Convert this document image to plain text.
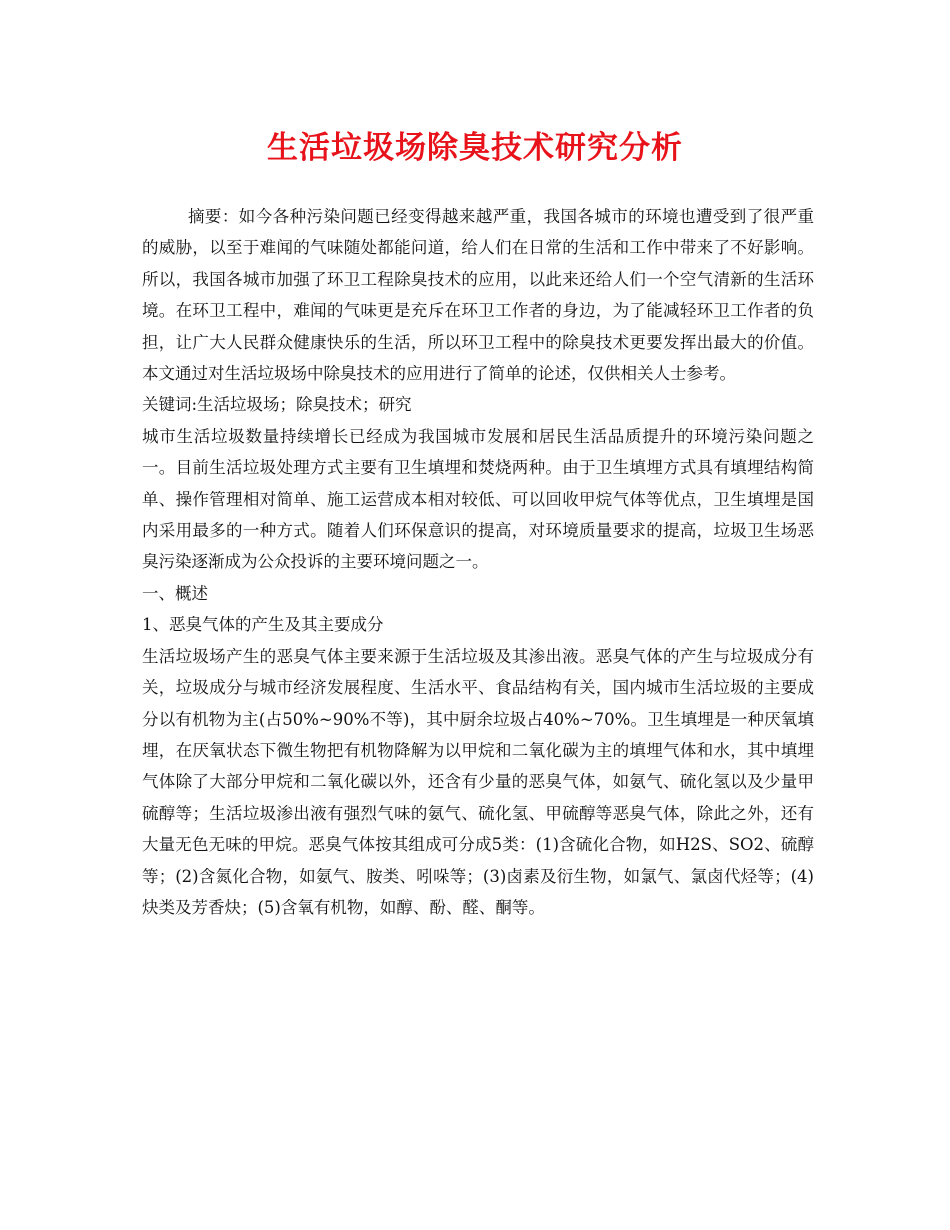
生活垃圾场除臭技术研究分析

摘要：如今各种污染问题已经变得越来越严重，我国各城市的环境也遭受到了很严重的威胁，以至于难闻的气味随处都能问道，给人们在日常的生活和工作中带来了不好影响。所以，我国各城市加强了环卫工程除臭技术的应用，以此来还给人们一个空气清新的生活环境。在环卫工程中，难闻的气味更是充斥在环卫工作者的身边，为了能减轻环卫工作者的负担，让广大人民群众健康快乐的生活，所以环卫工程中的除臭技术更要发挥出最大的价值。本文通过对生活垃圾场中除臭技术的应用进行了简单的论述，仅供相关人士参考。

关键词:生活垃圾场；除臭技术；研究

城市生活垃圾数量持续增长已经成为我国城市发展和居民生活品质提升的环境污染问题之一。目前生活垃圾处理方式主要有卫生填埋和焚烧两种。由于卫生填埋方式具有填埋结构简单、操作管理相对简单、施工运营成本相对较低、可以回收甲烷气体等优点，卫生填埋是国内采用最多的一种方式。随着人们环保意识的提高，对环境质量要求的提高，垃圾卫生场恶臭污染逐渐成为公众投诉的主要环境问题之一。

一、概述

1、恶臭气体的产生及其主要成分

生活垃圾场产生的恶臭气体主要来源于生活垃圾及其渗出液。恶臭气体的产生与垃圾成分有关，垃圾成分与城市经济发展程度、生活水平、食品结构有关，国内城市生活垃圾的主要成分以有机物为主(占50%~90%不等)，其中厨余垃圾占40%~70%。卫生填埋是一种厌氧填埋，在厌氧状态下微生物把有机物降解为以甲烷和二氧化碳为主的填埋气体和水，其中填埋气体除了大部分甲烷和二氧化碳以外，还含有少量的恶臭气体，如氨气、硫化氢以及少量甲硫醇等；生活垃圾渗出液有强烈气味的氨气、硫化氢、甲硫醇等恶臭气体，除此之外，还有大量无色无味的甲烷。恶臭气体按其组成可分成5类：(1)含硫化合物，如H2S、SO2、硫醇等；(2)含氮化合物，如氨气、胺类、吲哚等；(3)卤素及衍生物，如氯气、氯卤代烃等；(4)炔类及芳香炔；(5)含氧有机物，如醇、酚、醛、酮等。
